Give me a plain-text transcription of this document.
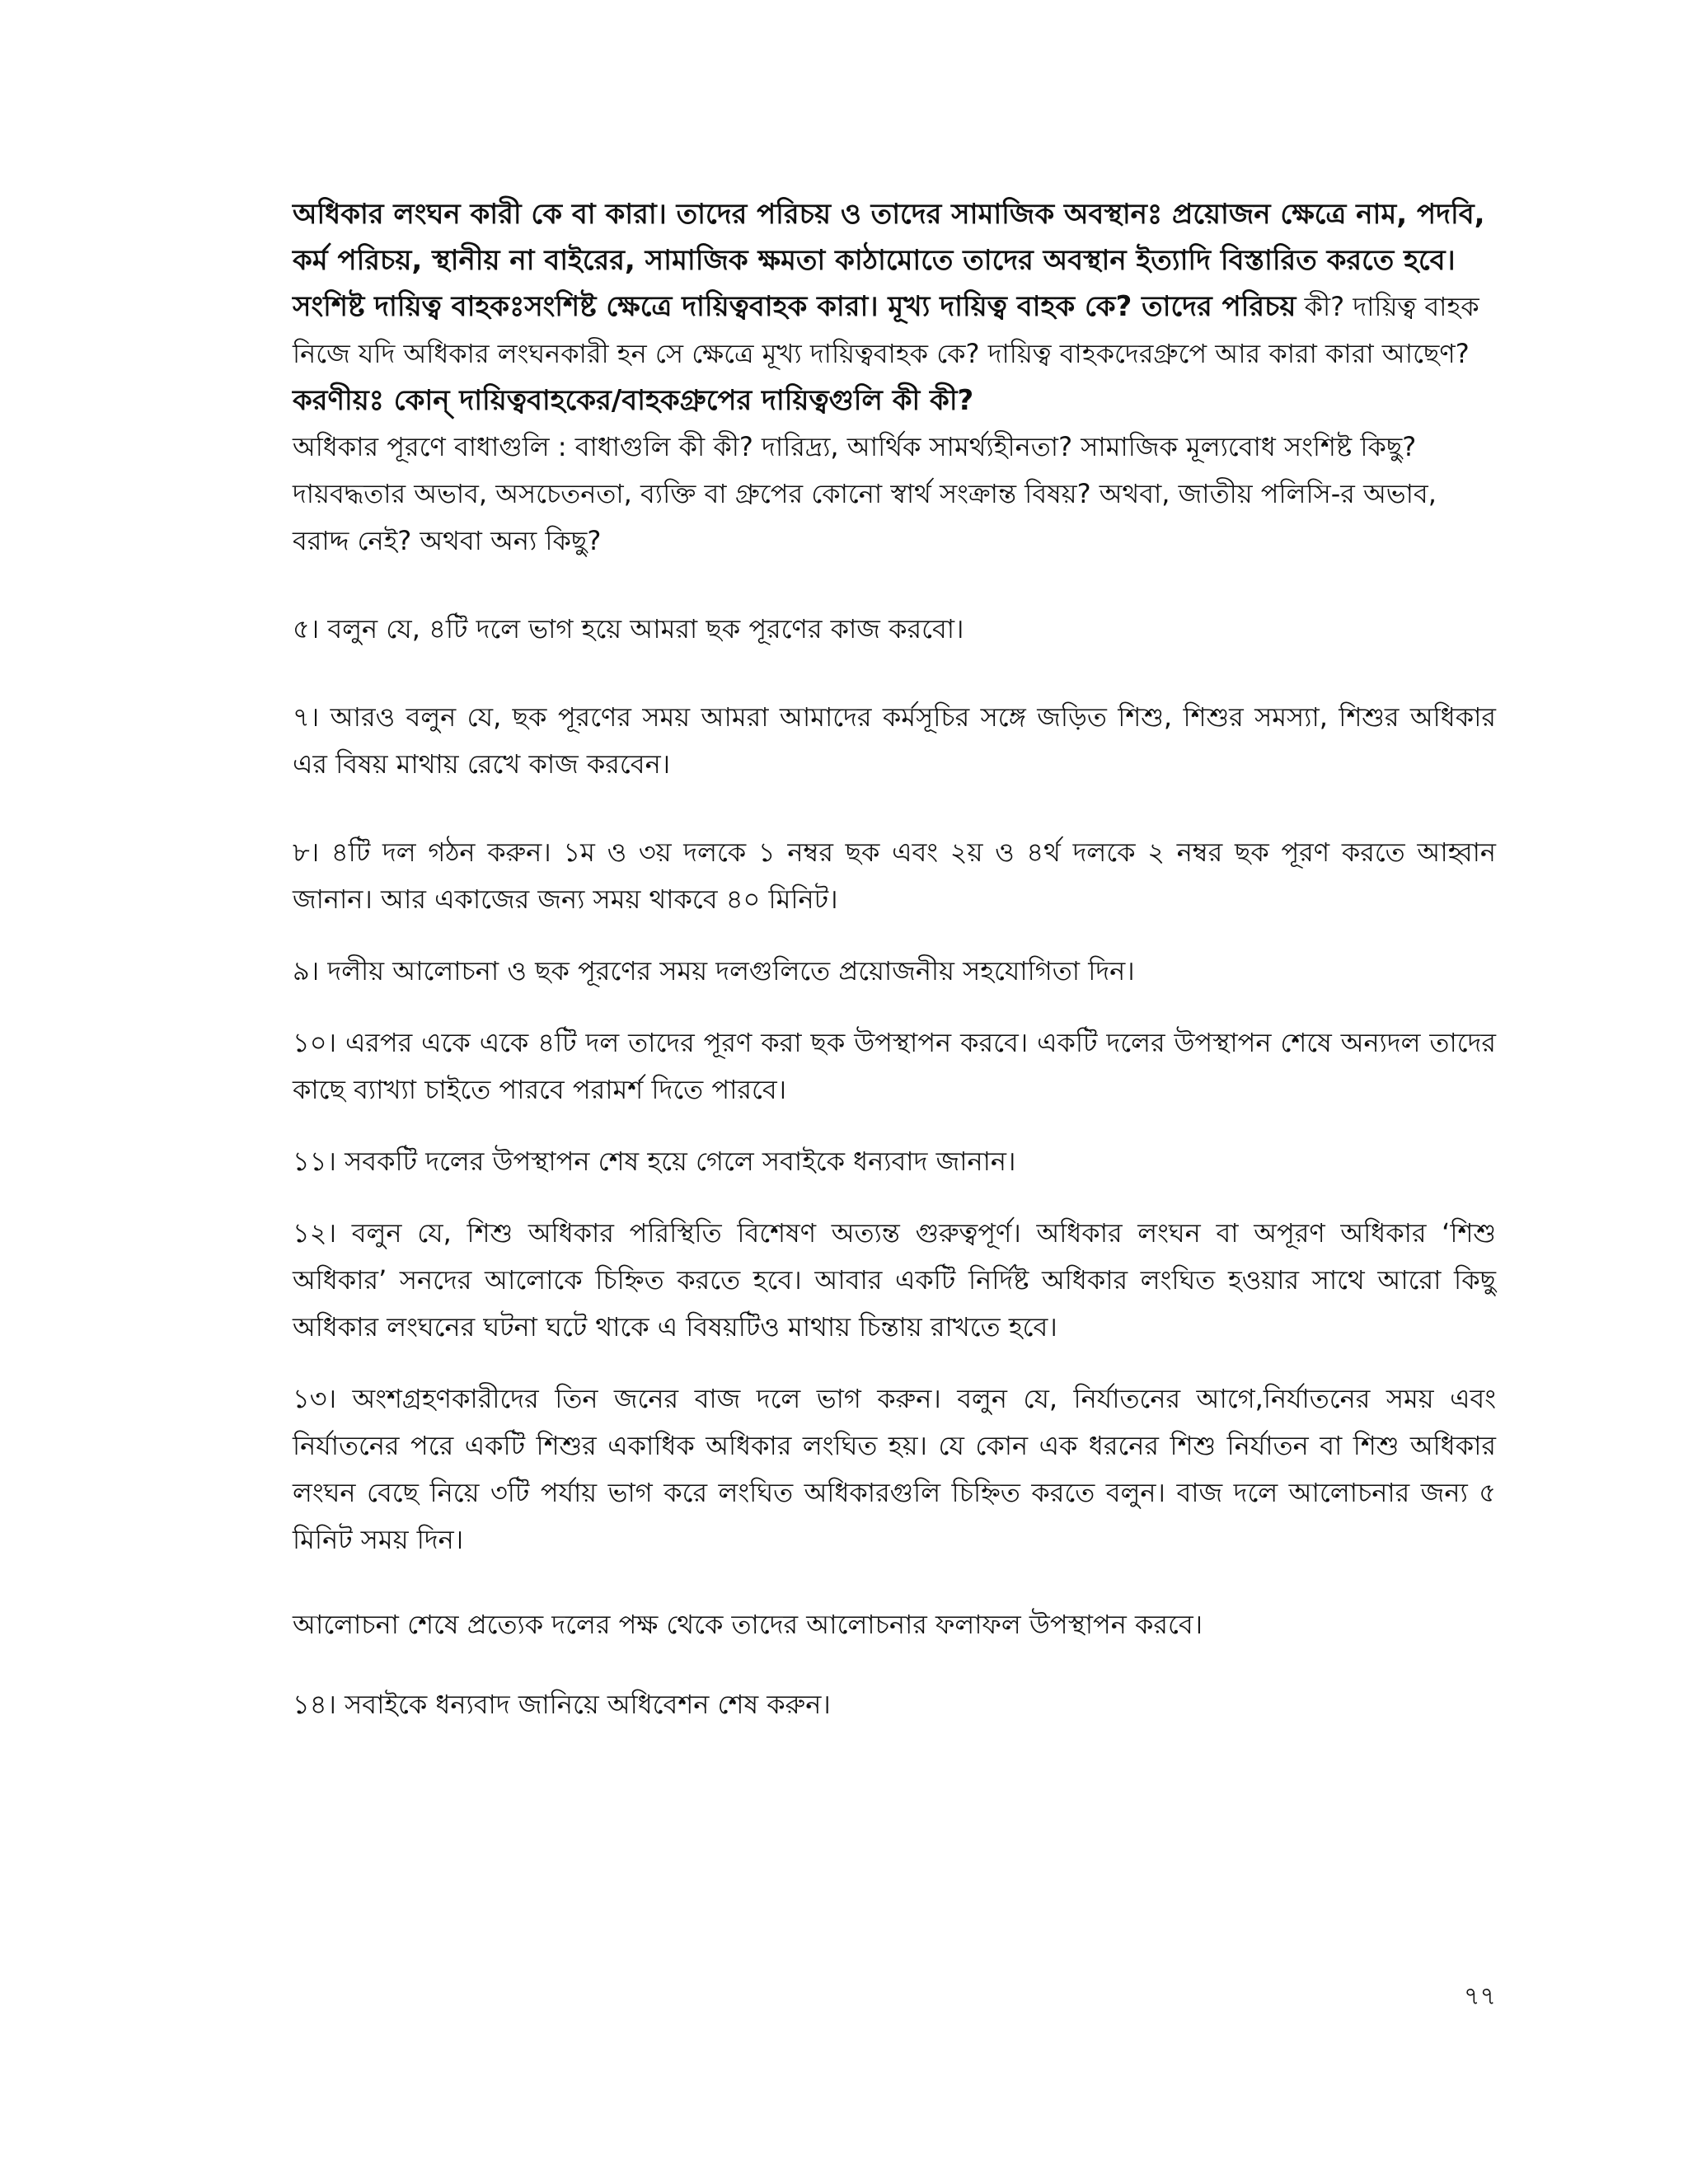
অধিকার লংঘন কারী কে বা কারা। তাদের পরিচয় ও তাদের সামাজিক অবস্থানঃ প্রয়োজন ক্ষেত্রে নাম, পদবি, কর্ম পরিচয়, স্থানীয় না বাইরের, সামাজিক ক্ষমতা কাঠামোতে তাদের অবস্থান ইত্যাদি বিস্তারিত করতে হবে।

সংশিষ্ট দায়িত্ব বাহকঃসংশিষ্ট ক্ষেত্রে দায়িত্ববাহক কারা। মূখ্য দায়িত্ব বাহক কে? তাদের পরিচয় কী? দায়িত্ব বাহক নিজে যদি অধিকার লংঘনকারী হন সে ক্ষেত্রে মূখ্য দায়িত্ববাহক কে? দায়িত্ব বাহকদেরগ্রুপে আর কারা কারা আছেণ?

করণীয়ঃ কোন্ দায়িত্ববাহকের/বাহকগ্রুপের দায়িত্বগুলি কী কী?

অধিকার পূরণে বাধাগুলি : বাধাগুলি কী কী? দারিদ্র্য, আর্থিক সামর্থ্যহীনতা? সামাজিক মূল্যবোধ সংশিষ্ট কিছু? দায়বদ্ধতার অভাব, অসচেতনতা, ব্যক্তি বা গ্রুপের কোনো স্বার্থ সংক্রান্ত বিষয়? অথবা, জাতীয় পলিসি-র অভাব, বরাদ্দ নেই? অথবা অন্য কিছু?

৫। বলুন যে, ৪টি দলে ভাগ হয়ে আমরা ছক পূরণের কাজ করবো।

৭। আরও বলুন যে, ছক পূরণের সময় আমরা আমাদের কর্মসূচির সঙ্গে জড়িত শিশু, শিশুর সমস্যা, শিশুর অধিকার এর বিষয় মাথায় রেখে কাজ করবেন।

৮। ৪টি দল গঠন করুন। ১ম ও ৩য় দলকে ১ নম্বর ছক এবং ২য় ও ৪র্থ দলকে ২ নম্বর ছক পূরণ করতে আহ্বান জানান। আর একাজের জন্য সময় থাকবে ৪০ মিনিট।

৯। দলীয় আলোচনা ও ছক পূরণের সময় দলগুলিতে প্রয়োজনীয় সহযোগিতা দিন।

১০। এরপর একে একে ৪টি দল তাদের পূরণ করা ছক উপস্থাপন করবে। একটি দলের উপস্থাপন শেষে অন্যদল তাদের কাছে ব্যাখ্যা চাইতে পারবে পরামর্শ দিতে পারবে।

১১। সবকটি দলের উপস্থাপন শেষ হয়ে গেলে সবাইকে ধন্যবাদ জানান।

১২। বলুন যে, শিশু অধিকার পরিস্থিতি বিশেষণ অত্যন্ত গুরুত্বপূর্ণ। অধিকার লংঘন বা অপূরণ অধিকার ‘শিশু অধিকার’ সনদের আলোকে চিহ্নিত করতে হবে। আবার একটি নির্দিষ্ট অধিকার লংঘিত হওয়ার সাথে আরো কিছু অধিকার লংঘনের ঘটনা ঘটে থাকে এ বিষয়টিও মাথায় চিন্তায় রাখতে হবে।

১৩। অংশগ্রহণকারীদের তিন জনের বাজ দলে ভাগ করুন। বলুন যে, নির্যাতনের আগে,নির্যাতনের সময় এবং নির্যাতনের পরে একটি শিশুর একাধিক অধিকার লংঘিত হয়। যে কোন এক ধরনের শিশু নির্যাতন বা শিশু অধিকার লংঘন বেছে নিয়ে ৩টি পর্যায় ভাগ করে লংঘিত অধিকারগুলি চিহ্নিত করতে বলুন। বাজ দলে আলোচনার জন্য ৫ মিনিট সময় দিন।

আলোচনা শেষে প্রত্যেক দলের পক্ষ থেকে তাদের আলোচনার ফলাফল উপস্থাপন করবে।

১৪। সবাইকে ধন্যবাদ জানিয়ে অধিবেশন শেষ করুন।

৭৭
